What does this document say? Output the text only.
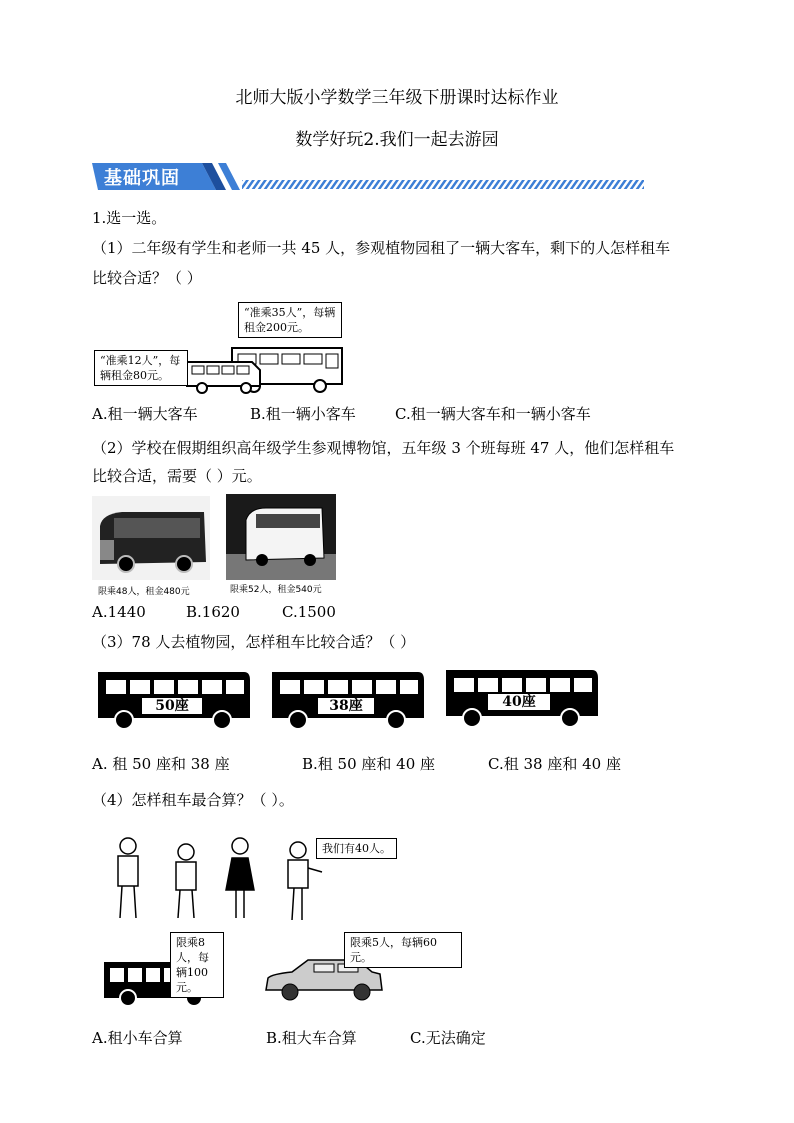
北师大版小学数学三年级下册课时达标作业
数学好玩2.我们一起去游园
基础巩固
1.选一选。
（1）二年级有学生和老师一共 45 人，参观植物园租了一辆大客车，剩下的人怎样租车
比较合适？（ ）
“准乘35人”，每辆租金200元。
“准乘12人”，每辆租金80元。
A.租一辆大客车	B.租一辆小客车	C.租一辆大客车和一辆小客车
（2）学校在假期组织高年级学生参观博物馆，五年级 3 个班每班 47 人，他们怎样租车
比较合适，需要（ ）元。
限乘48人，租金480元	限乘52人，租金540元
A.1440	B.1620	C.1500
（3）78 人去植物园，怎样租车比较合适？（ ）
50座	38座	40座
A. 租 50 座和 38 座	B.租 50 座和 40 座	C.租 38 座和 40 座
（4）怎样租车最合算？（ ）。
我们有40人。
限乘8人，每辆100元。
限乘5人，每辆60元。
A.租小车合算	B.租大车合算	C.无法确定
